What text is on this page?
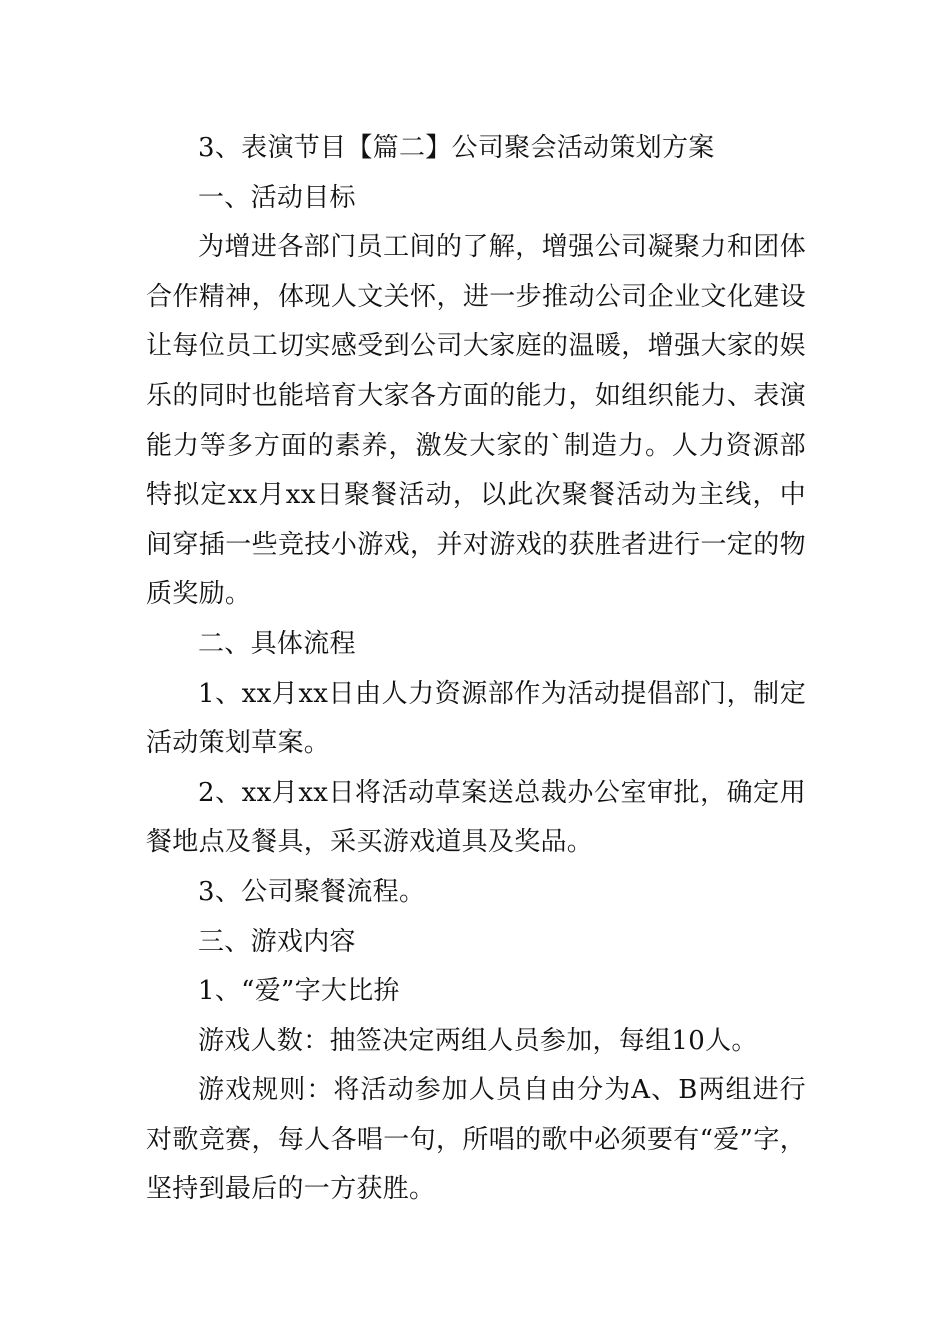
3、表演节目【篇二】公司聚会活动策划方案

一、活动目标

为增进各部门员工间的了解，增强公司凝聚力和团体合作精神，体现人文关怀，进一步推动公司企业文化建设让每位员工切实感受到公司大家庭的温暖，增强大家的娱乐的同时也能培育大家各方面的能力，如组织能力、表演能力等多方面的素养，激发大家的`制造力。人力资源部特拟定xx月xx日聚餐活动，以此次聚餐活动为主线，中间穿插一些竞技小游戏，并对游戏的获胜者进行一定的物质奖励。

二、具体流程

1、xx月xx日由人力资源部作为活动提倡部门，制定活动策划草案。

2、xx月xx日将活动草案送总裁办公室审批，确定用餐地点及餐具，采买游戏道具及奖品。

3、公司聚餐流程。

三、游戏内容

1、“爱”字大比拚

游戏人数：抽签决定两组人员参加，每组10人。

游戏规则：将活动参加人员自由分为A、B两组进行对歌竞赛，每人各唱一句，所唱的歌中必须要有“爱”字，坚持到最后的一方获胜。
